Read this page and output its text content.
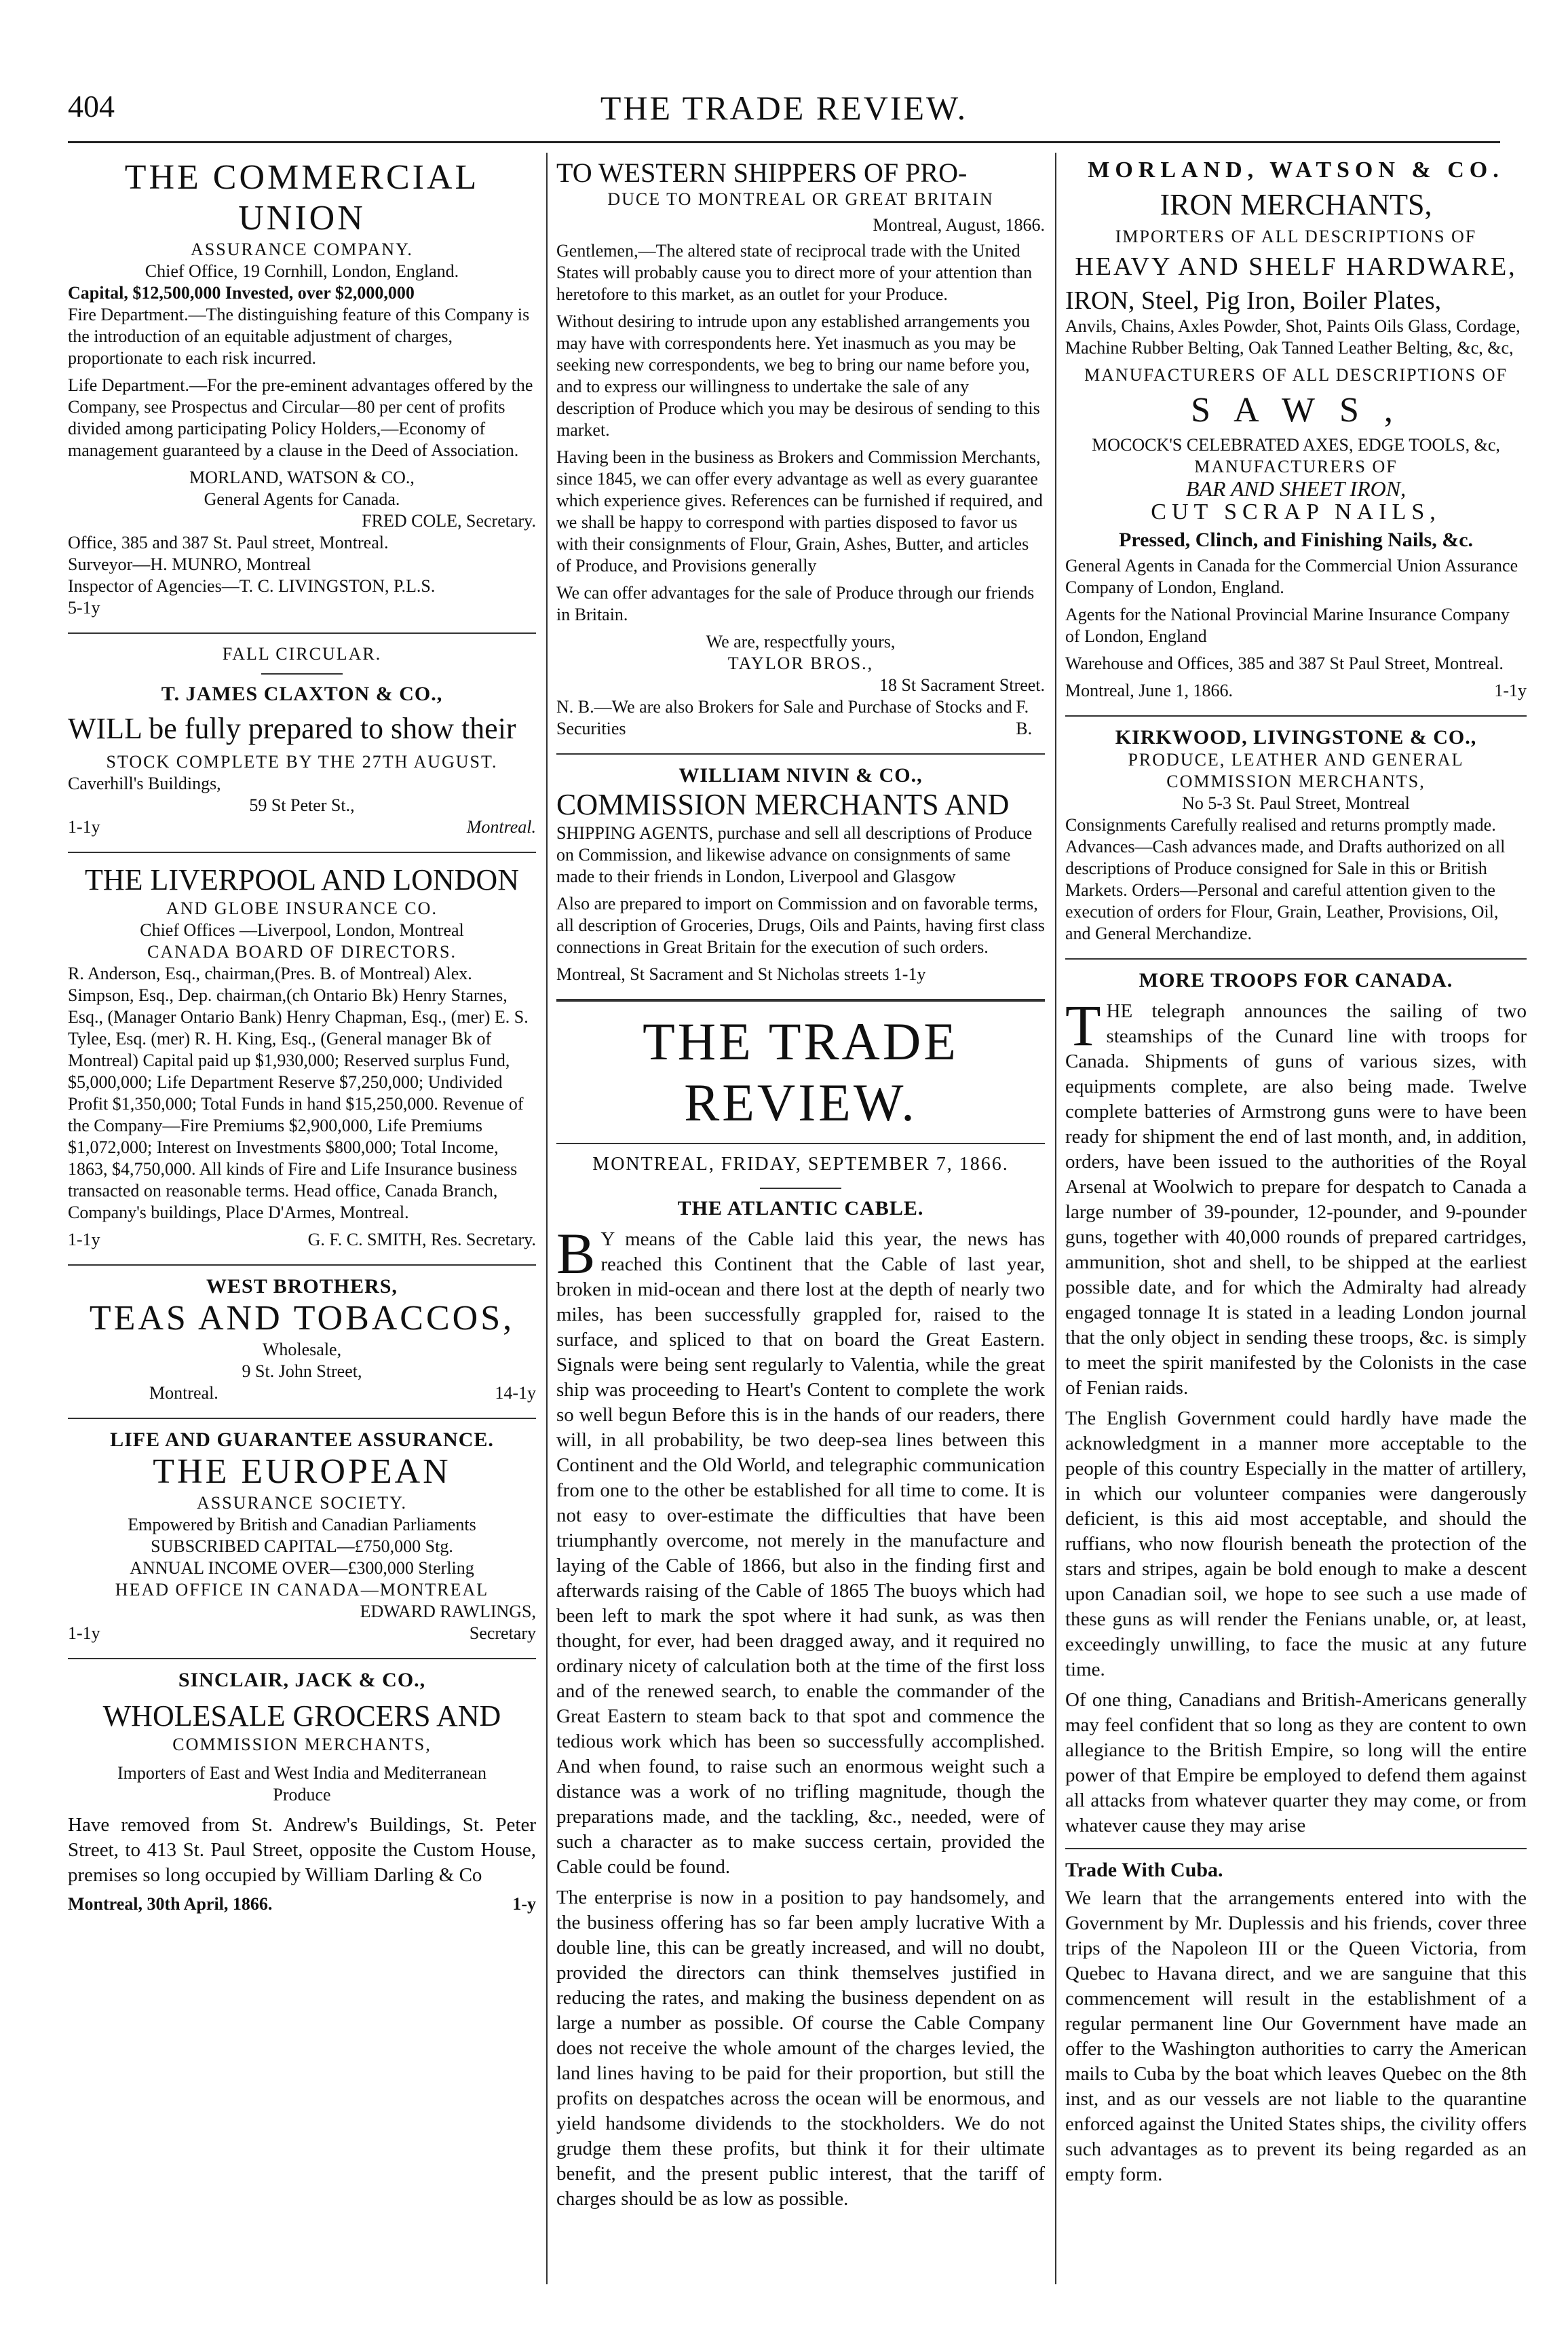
404	THE TRADE REVIEW.
THE COMMERCIAL UNION
ASSURANCE COMPANY.
Chief Office, 19 Cornhill, London, England.
Capital, $12,500,000 Invested, over $2,000,000

Fire Department.—The distinguishing feature of this Company is the introduction of an equitable adjustment of charges, proportionate to each risk incurred.

Life Department.—For the pre-eminent advantages offered by the Company, see Prospectus and Circular—80 per cent of profits divided among participating Policy Holders,—Economy of management guaranteed by a clause in the Deed of Association.

MORLAND, WATSON & CO.,
General Agents for Canada.
FRED COLE, Secretary.
Office, 385 and 387 St. Paul street, Montreal.
Surveyor—H. MUNRO, Montreal
Inspector of Agencies—T. C. LIVINGSTON, P.L.S.
5-1y
FALL CIRCULAR.
T. JAMES CLAXTON & CO.,
WILL be fully prepared to show their
STOCK COMPLETE BY THE 27TH AUGUST.
Caverhill's Buildings,
59 St Peter St.,
1-1y	Montreal.
THE LIVERPOOL AND LONDON
AND GLOBE INSURANCE CO.
Chief Offices —Liverpool, London, Montreal
CANADA BOARD OF DIRECTORS.

R. Anderson, Esq., chairman,(Pres. B. of Montreal) Alex. Simpson, Esq., Dep. chairman,(ch Ontario Bk) Henry Starnes, Esq., (Manager Ontario Bank) Henry Chapman, Esq., (mer) E. S. Tylee, Esq. (mer) R. H. King, Esq., (General manager Bk of Montreal) Capital paid up $1,930,000; Reserved surplus Fund, $5,000,000; Life Department Reserve $7,250,000; Undivided Profit $1,350,000; Total Funds in hand $15,250,000. Revenue of the Company—Fire Premiums $2,900,000, Life Premiums $1,072,000; Interest on Investments $800,000; Total Income, 1863, $4,750,000. All kinds of Fire and Life Insurance business transacted on reasonable terms. Head office, Canada Branch, Company's buildings, Place D'Armes, Montreal.

1-1y	G. F. C. SMITH, Res. Secretary.
WEST BROTHERS,
TEAS AND TOBACCOS,
Wholesale,
9 St. John Street,
Montreal.	14-1y
LIFE AND GUARANTEE ASSURANCE.
THE EUROPEAN
ASSURANCE SOCIETY.
Empowered by British and Canadian Parliaments
SUBSCRIBED CAPITAL—£750,000 Stg.
ANNUAL INCOME OVER—£300,000 Sterling
HEAD OFFICE IN CANADA—MONTREAL
EDWARD RAWLINGS,
1-1y	Secretary
SINCLAIR, JACK & CO.,
WHOLESALE GROCERS AND
COMMISSION MERCHANTS,
Importers of East and West India and Mediterranean
Produce

Have removed from St. Andrew's Buildings, St. Peter Street, to 413 St. Paul Street, opposite the Custom House, premises so long occupied by William Darling & Co

Montreal, 30th April, 1866.	1-y
TO WESTERN SHIPPERS OF PRO-
DUCE TO MONTREAL OR GREAT BRITAIN
Montreal, August, 1866.

Gentlemen,—The altered state of reciprocal trade with the United States will probably cause you to direct more of your attention than heretofore to this market, as an outlet for your Produce.

Without desiring to intrude upon any established arrangements you may have with correspondents here. Yet inasmuch as you may be seeking new correspondents, we beg to bring our name before you, and to express our willingness to undertake the sale of any description of Produce which you may be desirous of sending to this market.

Having been in the business as Brokers and Commission Merchants, since 1845, we can offer every advantage as well as every guarantee which experience gives. References can be furnished if required, and we shall be happy to correspond with parties disposed to favor us with their consignments of Flour, Grain, Ashes, Butter, and articles of Produce, and Provisions generally

We can offer advantages for the sale of Produce through our friends in Britain.

We are, respectfully yours,
TAYLOR BROS.,
18 St Sacrament Street.
N. B.—We are also Brokers for Sale and Purchase of Stocks and Securities
F. B.
WILLIAM NIVIN & CO.,
COMMISSION MERCHANTS AND

SHIPPING AGENTS, purchase and sell all descriptions of Produce on Commission, and likewise advance on consignments of same made to their friends in London, Liverpool and Glasgow

Also are prepared to import on Commission and on favorable terms, all description of Groceries, Drugs, Oils and Paints, having first class connections in Great Britain for the execution of such orders.

Montreal, St Sacrament and St Nicholas streets 1-1y
THE TRADE REVIEW.
MONTREAL, FRIDAY, SEPTEMBER 7, 1866.
THE ATLANTIC CABLE.

B Y means of the Cable laid this year, the news has reached this Continent that the Cable of last year, broken in mid-ocean and there lost at the depth of nearly two miles, has been successfully grappled for, raised to the surface, and spliced to that on board the Great Eastern. Signals were being sent regularly to Valentia, while the great ship was proceeding to Heart's Content to complete the work so well begun Before this is in the hands of our readers, there will, in all probability, be two deep-sea lines between this Continent and the Old World, and telegraphic communication from one to the other be established for all time to come. It is not easy to over-estimate the difficulties that have been triumphantly overcome, not merely in the manufacture and laying of the Cable of 1866, but also in the finding first and afterwards raising of the Cable of 1865 The buoys which had been left to mark the spot where it had sunk, as was then thought, for ever, had been dragged away, and it required no ordinary nicety of calculation both at the time of the first loss and of the renewed search, to enable the commander of the Great Eastern to steam back to that spot and commence the tedious work which has been so successfully accomplished. And when found, to raise such an enormous weight such a distance was a work of no trifling magnitude, though the preparations made, and the tackling, &c., needed, were of such a character as to make success certain, provided the Cable could be found.

The enterprise is now in a position to pay handsomely, and the business offering has so far been amply lucrative With a double line, this can be greatly increased, and will no doubt, provided the directors can think themselves justified in reducing the rates, and making the business dependent on as large a number as possible. Of course the Cable Company does not receive the whole amount of the charges levied, the land lines having to be paid for their proportion, but still the profits on despatches across the ocean will be enormous, and yield handsome dividends to the stockholders. We do not grudge them these profits, but think it for their ultimate benefit, and the present public interest, that the tariff of charges should be as low as possible.

MORLAND, WATSON & CO.
IRON MERCHANTS,
IMPORTERS OF ALL DESCRIPTIONS OF
HEAVY AND SHELF HARDWARE,
IRON, Steel, Pig Iron, Boiler Plates,

Anvils, Chains, Axles Powder, Shot, Paints Oils Glass, Cordage, Machine Rubber Belting, Oak Tanned Leather Belting, &c, &c,

MANUFACTURERS OF ALL DESCRIPTIONS OF
S A W S ,
MOCOCK'S CELEBRATED AXES, EDGE TOOLS, &c,
MANUFACTURERS OF
BAR AND SHEET IRON,
CUT SCRAP NAILS,
Pressed, Clinch, and Finishing Nails, &c.

General Agents in Canada for the Commercial Union Assurance Company of London, England.

Agents for the National Provincial Marine Insurance Company of London, England

Warehouse and Offices, 385 and 387 St Paul Street, Montreal.

Montreal, June 1, 1866.	1-1y
KIRKWOOD, LIVINGSTONE & CO.,
PRODUCE, LEATHER AND GENERAL COMMISSION MERCHANTS,
No 5-3 St. Paul Street, Montreal

Consignments Carefully realised and returns promptly made. Advances—Cash advances made, and Drafts authorized on all descriptions of Produce consigned for Sale in this or British Markets. Orders—Personal and careful attention given to the execution of orders for Flour, Grain, Leather, Provisions, Oil, and General Merchandize.

MORE TROOPS FOR CANADA.

THE telegraph announces the sailing of two steamships of the Cunard line with troops for Canada. Shipments of guns of various sizes, with equipments complete, are also being made. Twelve complete batteries of Armstrong guns were to have been ready for shipment the end of last month, and, in addition, orders, have been issued to the authorities of the Royal Arsenal at Woolwich to prepare for despatch to Canada a large number of 39-pounder, 12-pounder, and 9-pounder guns, together with 40,000 rounds of prepared cartridges, ammunition, shot and shell, to be shipped at the earliest possible date, and for which the Admiralty had already engaged tonnage It is stated in a leading London journal that the only object in sending these troops, &c. is simply to meet the spirit manifested by the Colonists in the case of Fenian raids.

The English Government could hardly have made the acknowledgment in a manner more acceptable to the people of this country Especially in the matter of artillery, in which our volunteer companies were dangerously deficient, is this aid most acceptable, and should the ruffians, who now flourish beneath the protection of the stars and stripes, again be bold enough to make a descent upon Canadian soil, we hope to see such a use made of these guns as will render the Fenians unable, or, at least, exceedingly unwilling, to face the music at any future time.

Of one thing, Canadians and British-Americans generally may feel confident that so long as they are content to own allegiance to the British Empire, so long will the entire power of that Empire be employed to defend them against all attacks from whatever quarter they may come, or from whatever cause they may arise

Trade With Cuba.

We learn that the arrangements entered into with the Government by Mr. Duplessis and his friends, cover three trips of the Napoleon III or the Queen Victoria, from Quebec to Havana direct, and we are sanguine that this commencement will result in the establishment of a regular permanent line Our Government have made an offer to the Washington authorities to carry the American mails to Cuba by the boat which leaves Quebec on the 8th inst, and as our vessels are not liable to the quarantine enforced against the United States ships, the civility offers such advantages as to prevent its being regarded as an empty form.
